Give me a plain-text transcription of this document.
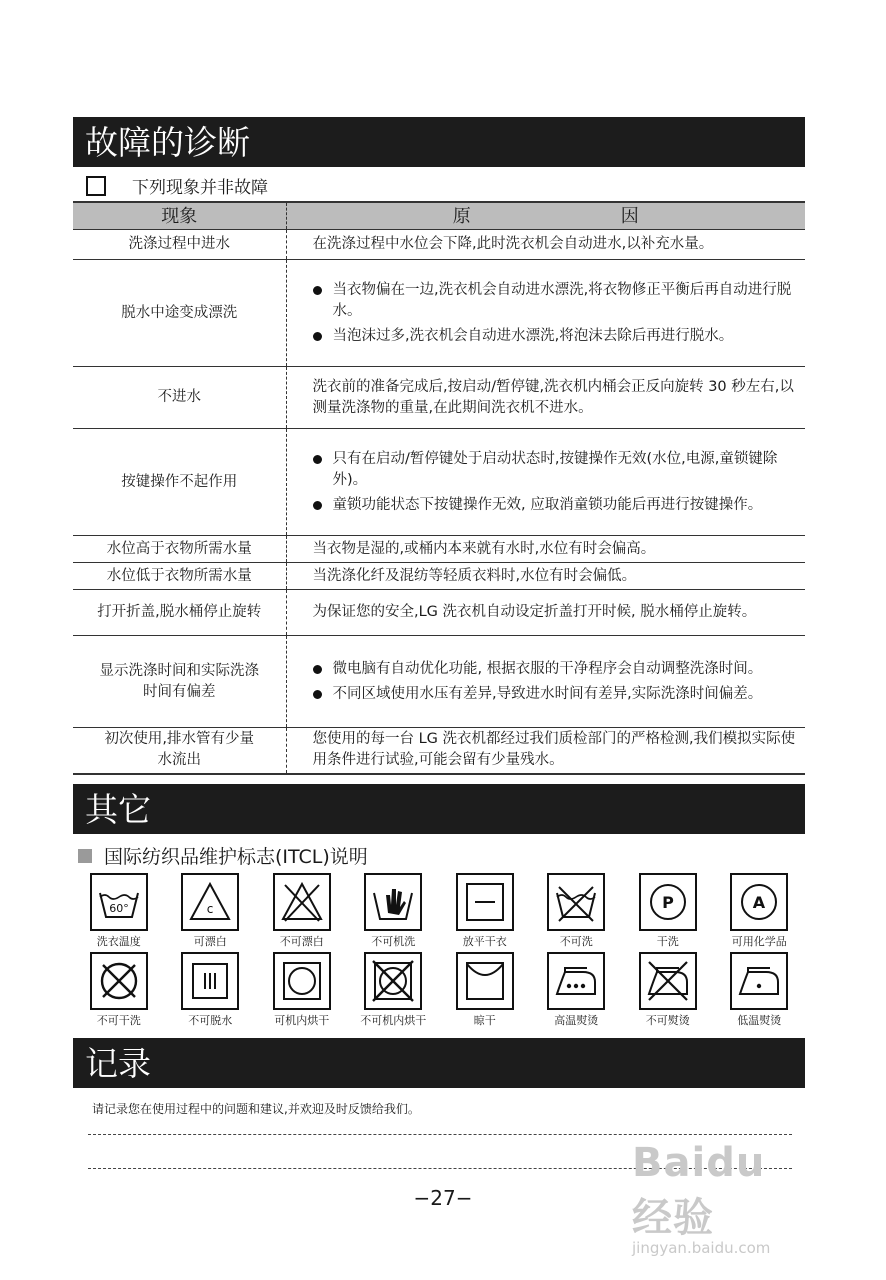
故障的诊断
下列现象并非故障
现象	原 因
洗涤过程中进水	在洗涤过程中水位会下降,此时洗衣机会自动进水,以补充水量。
脱水中途变成漂洗	当衣物偏在一边,洗衣机会自动进水漂洗,将衣物修正平衡后再自动进行脱水。
当泡沫过多,洗衣机会自动进水漂洗,将泡沫去除后再进行脱水。

不进水	洗衣前的准备完成后,按启动/暂停键,洗衣机内桶会正反向旋转 30 秒左右,以测量洗涤物的重量,在此期间洗衣机不进水。
按键操作不起作用	只有在启动/暂停键处于启动状态时,按键操作无效(水位,电源,童锁键除外)。
童锁功能状态下按键操作无效, 应取消童锁功能后再进行按键操作。

水位高于衣物所需水量	当衣物是湿的,或桶内本来就有水时,水位有时会偏高。
水位低于衣物所需水量	当洗涤化纤及混纺等轻质衣料时,水位有时会偏低。
打开折盖,脱水桶停止旋转	为保证您的安全,LG 洗衣机自动设定折盖打开时候, 脱水桶停止旋转。

显示洗涤时间和实际洗涤时间有偏差	微电脑有自动优化功能, 根据衣服的干净程序会自动调整洗涤时间。
不同区域使用水压有差异,导致进水时间有差异,实际洗涤时间偏差。

初次使用,排水管有少量水流出	您使用的每一台 LG 洗衣机都经过我们质检部门的严格检测,我们模拟实际使用条件进行试验,可能会留有少量残水。
其它
国际纺织品维护标志(ITCL)说明
60°
洗衣温度
c
可漂白	不可漂白	不可机洗	放平干衣	不可洗
P
干洗
A
可用化学品
不可干洗	不可脱水	可机内烘干	不可机内烘干	晾干	高温熨烫	不可熨烫	低温熨烫
记录
请记录您在使用过程中的问题和建议,并欢迎及时反馈给我们。
−27−
Baidu经验
jingyan.baidu.com
